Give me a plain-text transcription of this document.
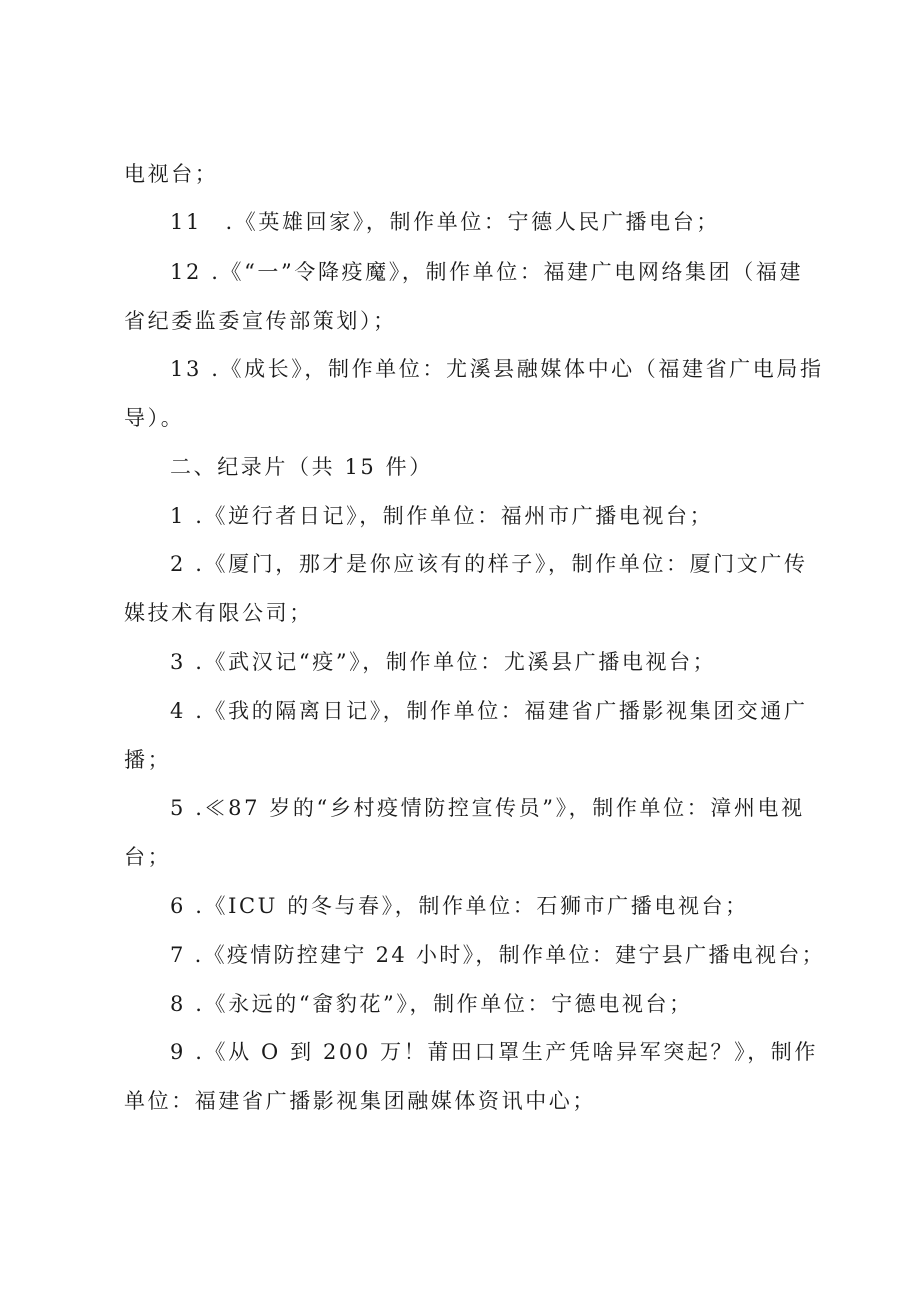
电视台；
11　.《英雄回家》，制作单位：宁德人民广播电台；
12 .《“一”令降疫魔》，制作单位：福建广电网络集团（福建
省纪委监委宣传部策划）；
13 .《成长》，制作单位：尤溪县融媒体中心（福建省广电局指
导）。
二、纪录片（共 15 件）
1 .《逆行者日记》，制作单位：福州市广播电视台；
2 .《厦门，那才是你应该有的样子》，制作单位：厦门文广传
媒技术有限公司；
3 .《武汉记“疫”》，制作单位：尤溪县广播电视台；
4 .《我的隔离日记》，制作单位：福建省广播影视集团交通广
播；
5 .≪87 岁的“乡村疫情防控宣传员”》，制作单位：漳州电视
台；
6 .《ICU 的冬与春》，制作单位：石狮市广播电视台；
7 .《疫情防控建宁 24 小时》，制作单位：建宁县广播电视台；
8 .《永远的“畲豹花”》，制作单位：宁德电视台；
9 .《从 O 到 200 万！莆田口罩生产凭啥异军突起？》，制作
单位：福建省广播影视集团融媒体资讯中心；
